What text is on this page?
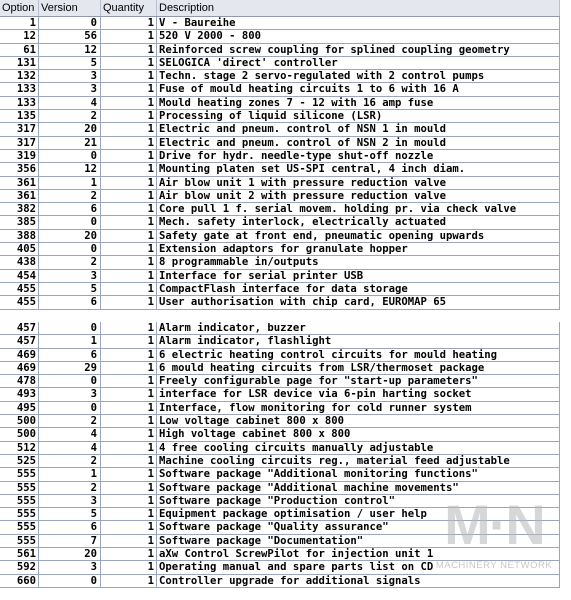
Option Version	Quantity	Description
1	0	1 V - Baureihe
12	56	1 520 V 2000 - 800
61	12	1 Reinforced screw coupling for splined coupling geometry
131	5	1 SELOGICA 'direct' controller
132	3	1 Techn. stage 2 servo-regulated with 2 control pumps
133	3	1 Fuse of mould heating circuits 1 to 6 with 16 A
133	4	1 Mould heating zones 7 - 12 with 16 amp fuse
135	2	1 Processing of liquid silicone (LSR)
317	20	1 Electric and pneum. control of NSN 1 in mould
317	21	1 Electric and pneum. control of NSN 2 in mould
319	0	1 Drive for hydr. needle-type shut-off nozzle
356	12	1 Mounting platen set US-SPI central, 4 inch diam.
361	1	1 Air blow unit 1 with pressure reduction valve
361	2	1 Air blow unit 2 with pressure reduction valve
382	6	1 Core pull 1 f. serial movem. holding pr. via check valve
385	0	1 Mech. safety interlock, electrically actuated
388	20	1 Safety gate at front end, pneumatic opening upwards
405	0	1 Extension adaptors for granulate hopper
438	2	1 8 programmable in/outputs
454	3	1 Interface for serial printer USB
455	5	1 CompactFlash interface for data storage
455	6	1 User authorisation with chip card, EUROMAP 65
457	0	1 Alarm indicator, buzzer
457	1	1 Alarm indicator, flashlight
469	6	1 6 electric heating control circuits for mould heating
469	29	1 6 mould heating circuits from LSR/thermoset package
478	0	1 Freely configurable page for "start-up parameters"
493	3	1 interface for LSR device via 6-pin harting socket
495	0	1 Interface, flow monitoring for cold runner system
500	2	1 Low voltage cabinet 800 x 800
500	4	1 High voltage cabinet 800 x 800
512	4	1 4 free cooling circuits manually adjustable
525	2	1 Machine cooling circuits reg., material feed adjustable
555	1	1 Software package "Additional monitoring functions"
555	2	1 Software package "Additional machine movements"
555	3	1 Software package "Production control"
555	5	1 Equipment package optimisation / user help
555	6	1 Software package "Quality assurance"
555	7	1 Software package "Documentation"
561	20	1 aXw Control ScrewPilot for injection unit 1
592	3	1 Operating manual and spare parts list on CD
660	0	1 Controller upgrade for additional signals
M·N
MACHINERY NETWORK
